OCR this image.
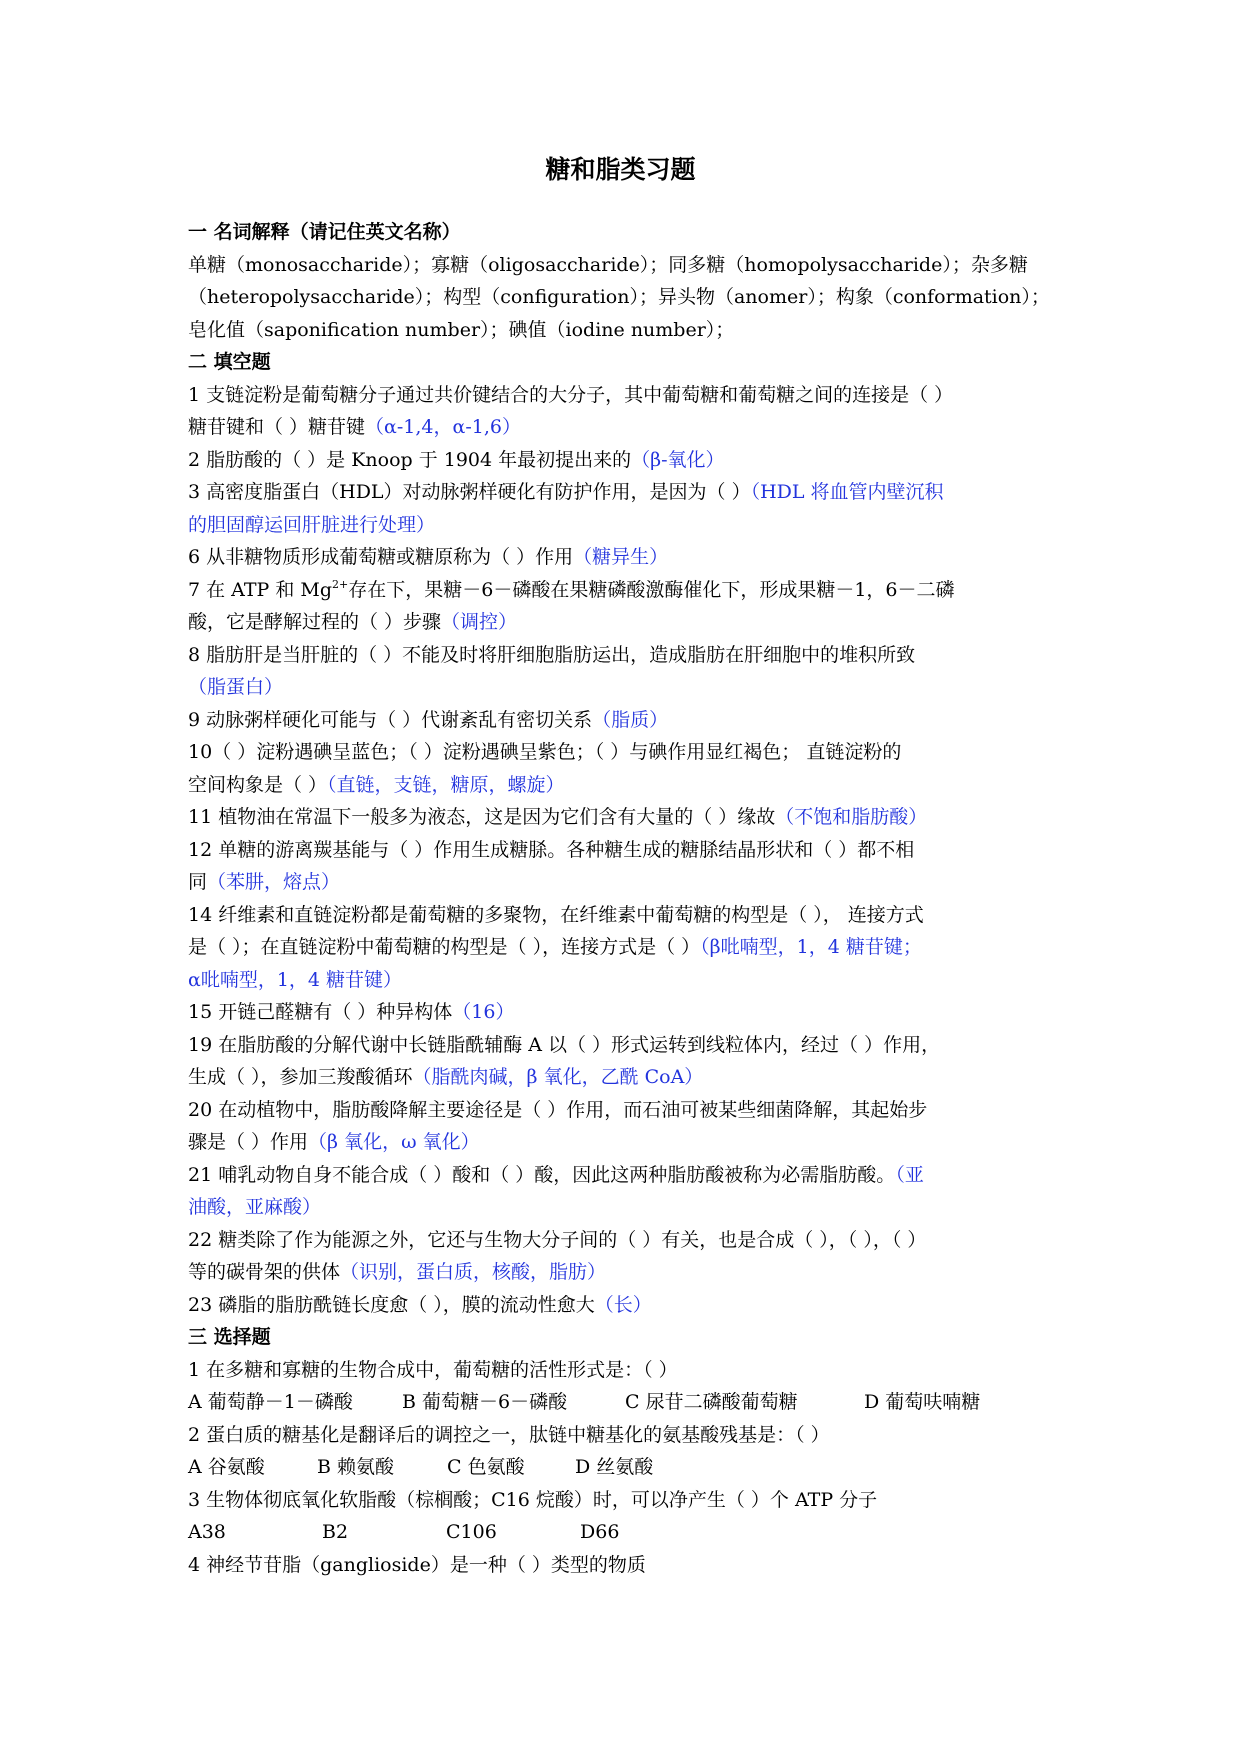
糖和脂类习题
一 名词解释（请记住英文名称）
单糖（monosaccharide）；寡糖（oligosaccharide）；同多糖（homopolysaccharide）；杂多糖
（heteropolysaccharide）；构型（configuration）；异头物（anomer）；构象（conformation）；
皂化值（saponification number）；碘值（iodine number）；
二 填空题
1 支链淀粉是葡萄糖分子通过共价键结合的大分子，其中葡萄糖和葡萄糖之间的连接是（ ）
糖苷键和（ ）糖苷键（α-1,4，α-1,6）
2 脂肪酸的（ ）是 Knoop 于 1904 年最初提出来的（β-氧化）
3 高密度脂蛋白（HDL）对动脉粥样硬化有防护作用，是因为（ ）（HDL 将血管内壁沉积
的胆固醇运回肝脏进行处理）
6 从非糖物质形成葡萄糖或糖原称为（ ）作用（糖异生）
7 在 ATP 和 $Mg^{2+}$存在下，果糖－6－磷酸在果糖磷酸激酶催化下，形成果糖－1，6－二磷
酸，它是酵解过程的（ ）步骤（调控）
8 脂肪肝是当肝脏的（ ）不能及时将肝细胞脂肪运出，造成脂肪在肝细胞中的堆积所致
（脂蛋白）
9 动脉粥样硬化可能与（ ）代谢紊乱有密切关系（脂质）
10（ ）淀粉遇碘呈蓝色；（ ）淀粉遇碘呈紫色；（ ）与碘作用显红褐色； 直链淀粉的
空间构象是（ ）（直链，支链，糖原，螺旋）
11 植物油在常温下一般多为液态，这是因为它们含有大量的（ ）缘故（不饱和脂肪酸）
12 单糖的游离羰基能与（ ）作用生成糖脎。各种糖生成的糖脎结晶形状和（ ）都不相
同（苯肼，熔点）
14 纤维素和直链淀粉都是葡萄糖的多聚物，在纤维素中葡萄糖的构型是（ ）， 连接方式
是（ ）；在直链淀粉中葡萄糖的构型是（ ），连接方式是（ ）（β吡喃型，1，4 糖苷键；
α吡喃型，1，4 糖苷键）
15 开链己醛糖有（ ）种异构体（16）
19 在脂肪酸的分解代谢中长链脂酰辅酶 A 以（ ）形式运转到线粒体内，经过（ ）作用，
生成（ ），参加三羧酸循环（脂酰肉碱，β 氧化，乙酰 CoA）
20 在动植物中，脂肪酸降解主要途径是（ ）作用，而石油可被某些细菌降解，其起始步
骤是（ ）作用（β 氧化，ω 氧化）
21 哺乳动物自身不能合成（ ）酸和（ ）酸，因此这两种脂肪酸被称为必需脂肪酸。（亚
油酸，亚麻酸）
22 糖类除了作为能源之外，它还与生物大分子间的（ ）有关，也是合成（ ），（ ），（ ）
等的碳骨架的供体（识别，蛋白质，核酸，脂肪）
23 磷脂的脂肪酰链长度愈（ ），膜的流动性愈大（长）
三 选择题
1 在多糖和寡糖的生物合成中，葡萄糖的活性形式是：（ ）
A 葡萄静－1－磷酸	B 葡萄糖－6－磷酸	C 尿苷二磷酸葡萄糖	D 葡萄呋喃糖
2 蛋白质的糖基化是翻译后的调控之一，肽链中糖基化的氨基酸残基是：（ ）
A 谷氨酸	B 赖氨酸	C 色氨酸	D 丝氨酸
3 生物体彻底氧化软脂酸（棕榈酸；C16 烷酸）时，可以净产生（ ）个 ATP 分子
A38	B2	C106	D66
4 神经节苷脂（ganglioside）是一种（ ）类型的物质
